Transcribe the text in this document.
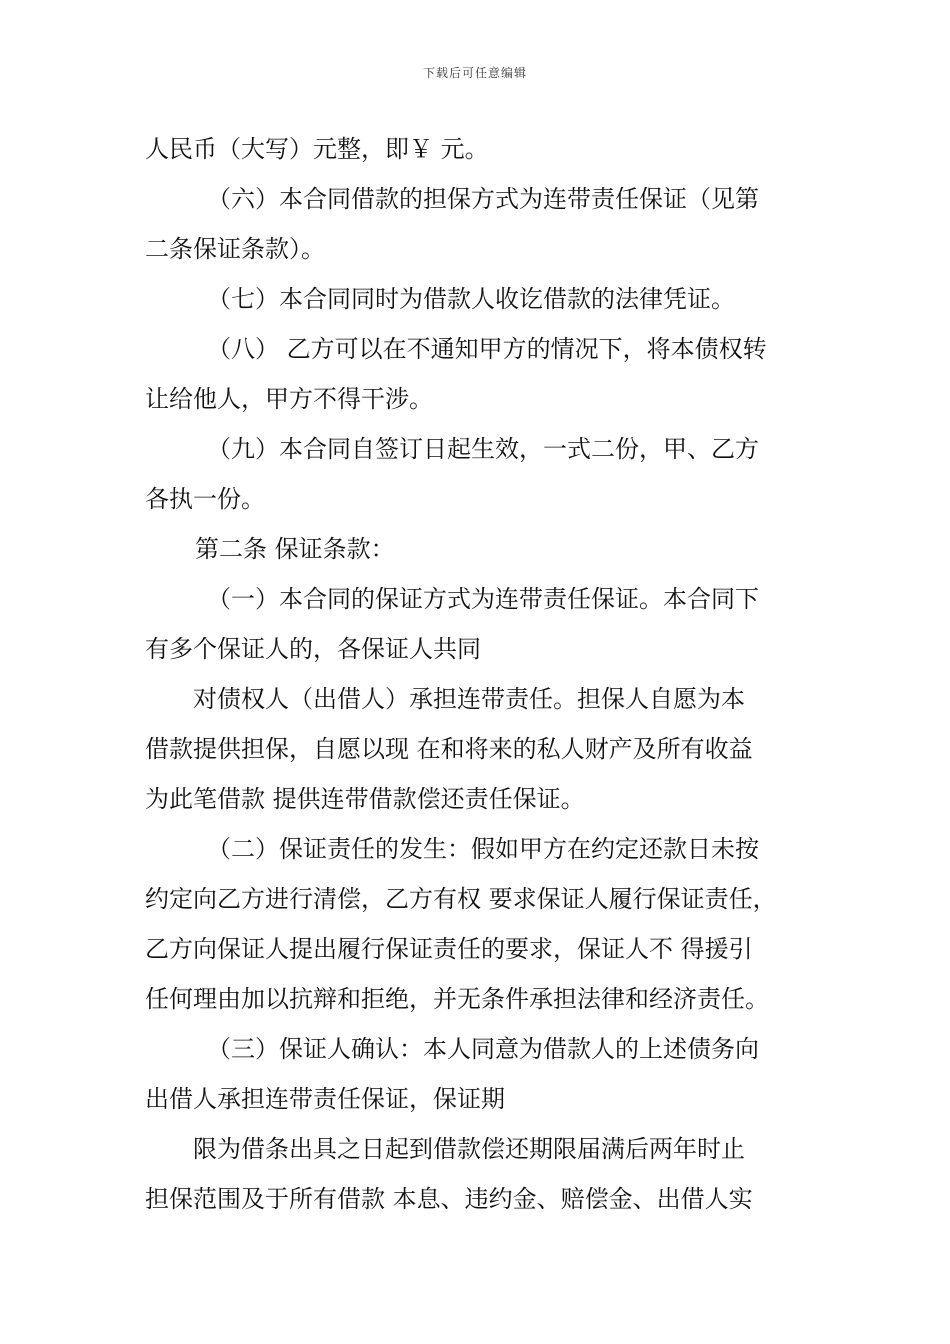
下载后可任意编辑
人民币（大写）元整，即￥ 元。
（六）本合同借款的担保方式为连带责任保证（见第
二条保证条款）。
（七）本合同同时为借款人收讫借款的法律凭证。
（八） 乙方可以在不通知甲方的情况下，将本债权转
让给他人，甲方不得干涉。
（九）本合同自签订日起生效，一式二份，甲、乙方
各执一份。
第二条 保证条款：
（一）本合同的保证方式为连带责任保证。本合同下
有多个保证人的，各保证人共同
对债权人（出借人）承担连带责任。担保人自愿为本
借款提供担保，自愿以现 在和将来的私人财产及所有收益
为此笔借款 提供连带借款偿还责任保证。
（二）保证责任的发生：假如甲方在约定还款日未按
约定向乙方进行清偿，乙方有权 要求保证人履行保证责任，
乙方向保证人提出履行保证责任的要求，保证人不 得援引
任何理由加以抗辩和拒绝，并无条件承担法律和经济责任。
（三）保证人确认：本人同意为借款人的上述债务向
出借人承担连带责任保证，保证期
限为借条出具之日起到借款偿还期限届满后两年时止
担保范围及于所有借款 本息、违约金、赔偿金、出借人实
